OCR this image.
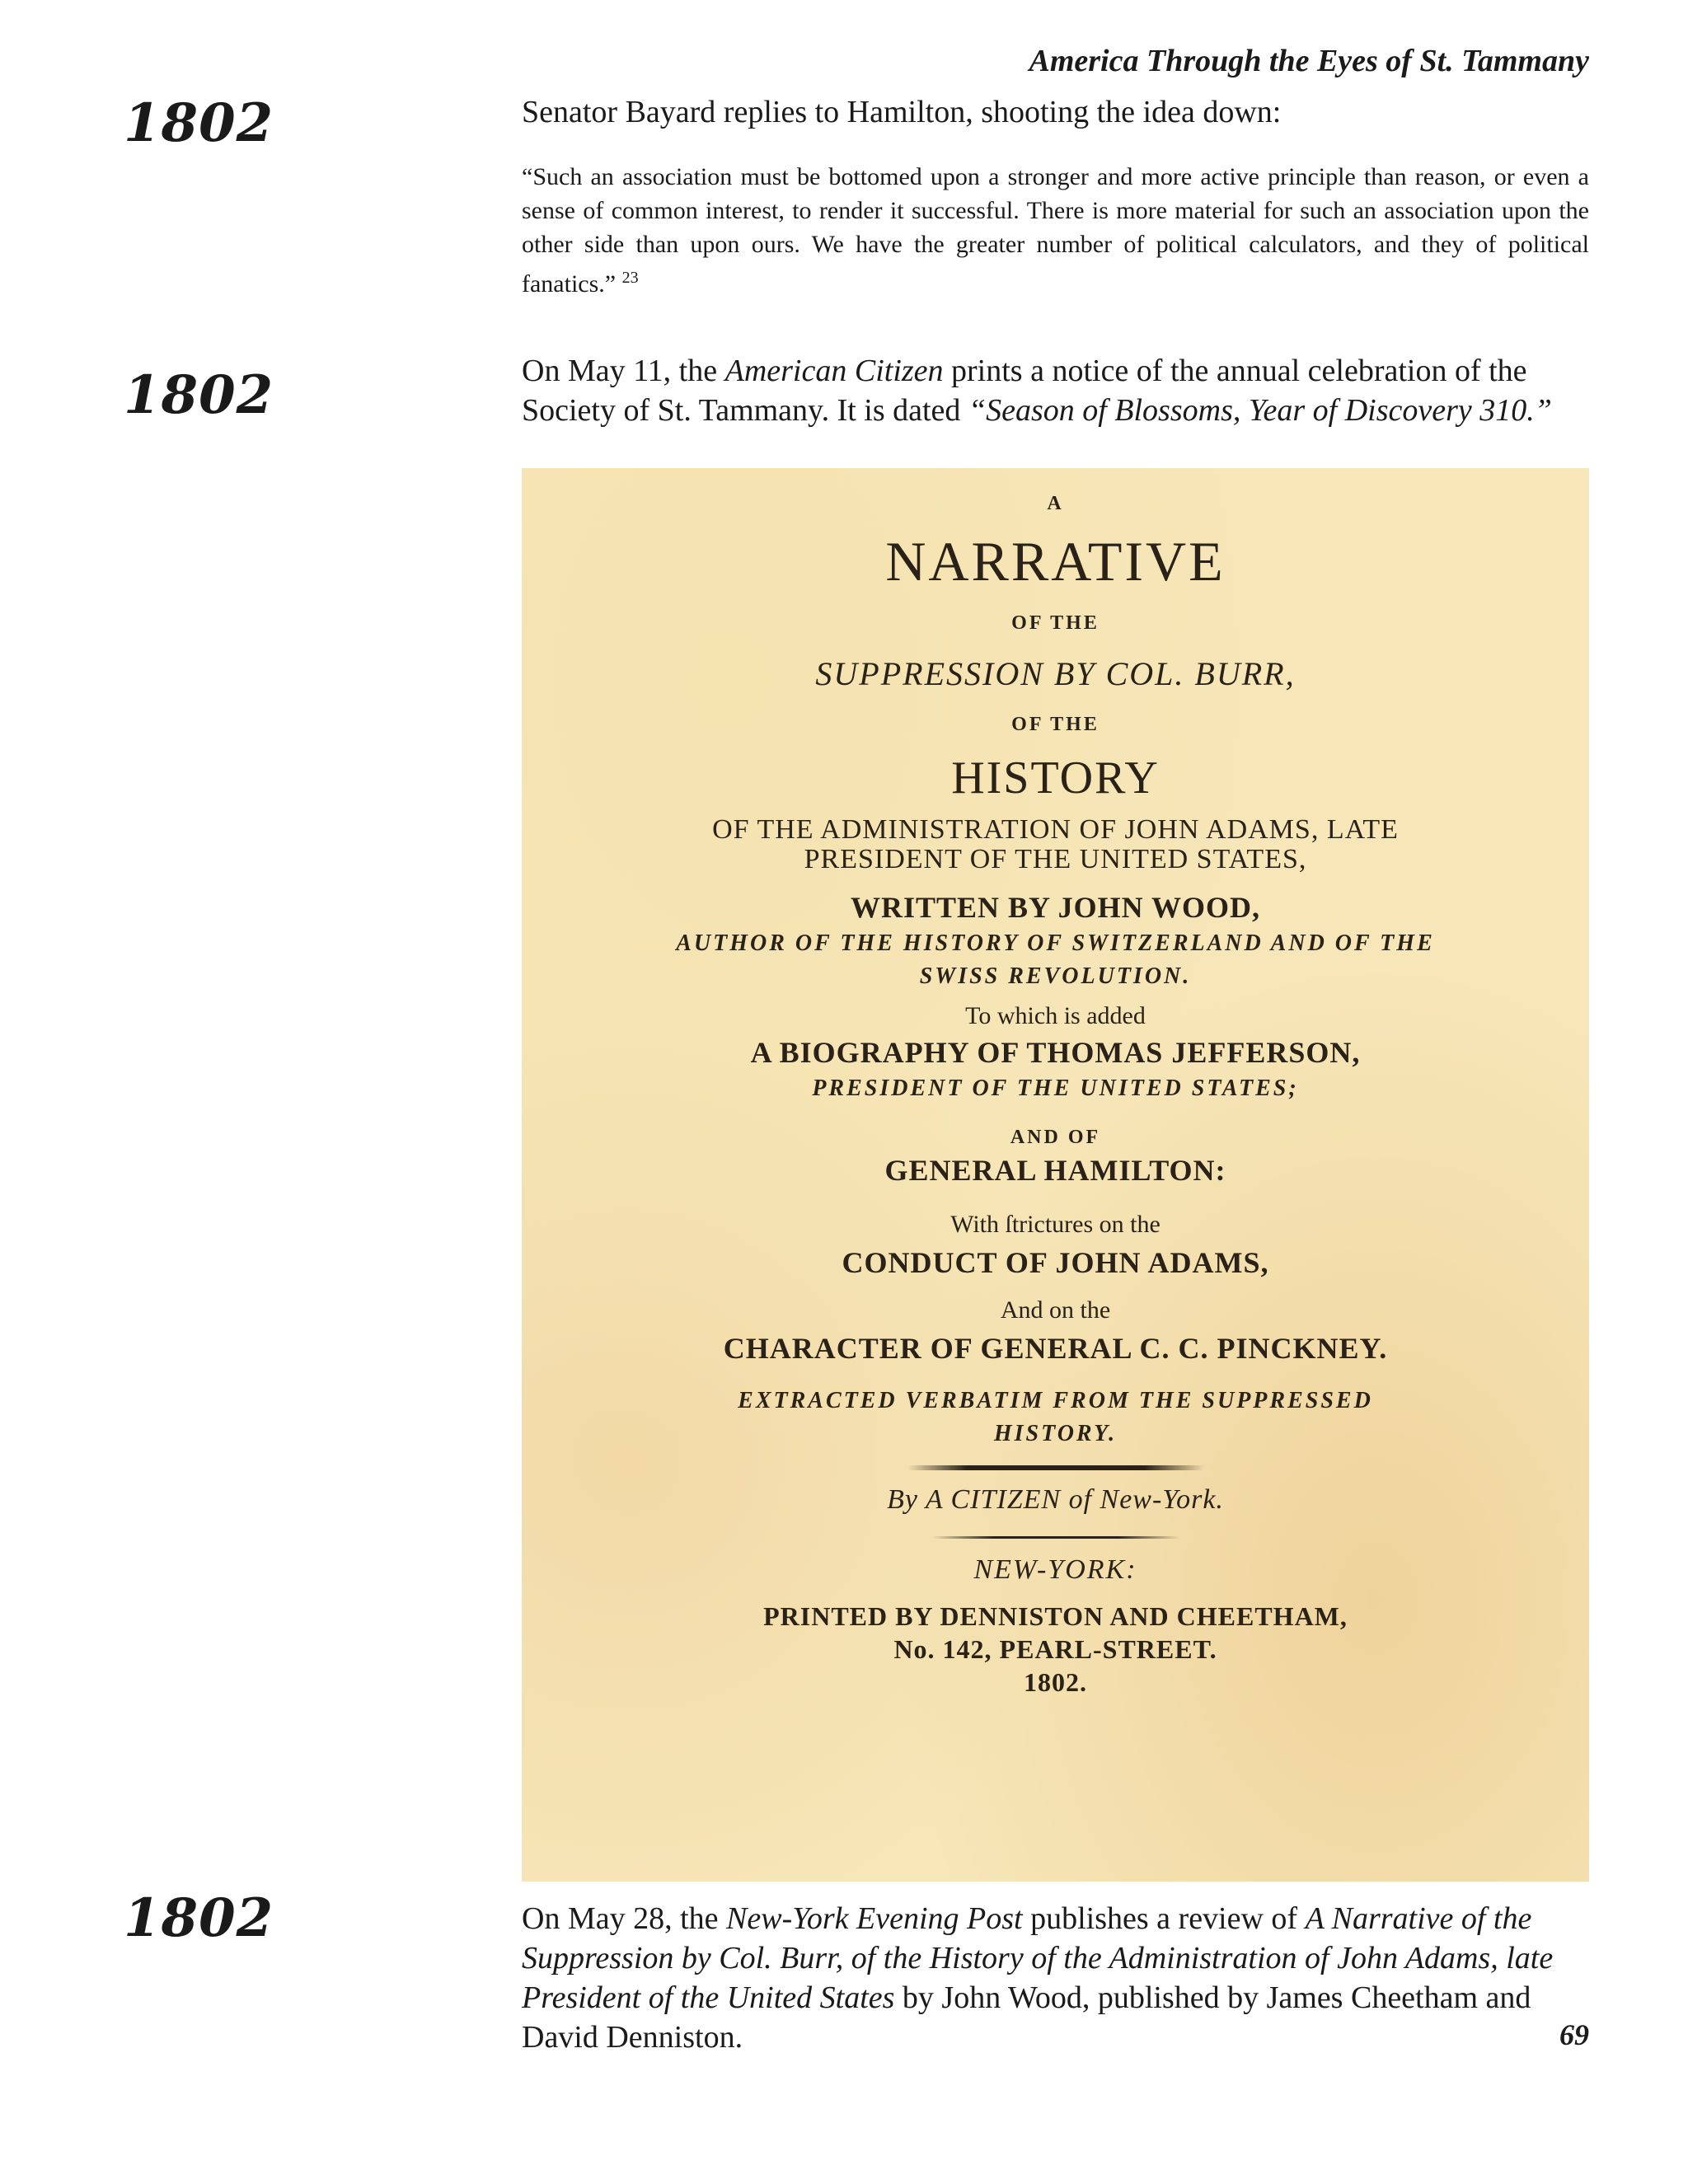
America Through the Eyes of St. Tammany
1802	Senator Bayard replies to Hamilton, shooting the idea down:

“Such an association must be bottomed upon a stronger and more active principle than reason, or even a sense of common interest, to render it successful. There is more material for such an association upon the other side than upon ours. We have the greater number of political calculators, and they of political fanatics.” $^{23}$

1802	On May 11, the American Citizen prints a notice of the annual celebration of the Society of St. Tammany. It is dated “Season of Blossoms, Year of Discovery 310.”

A
NARRATIVE
OF THE
SUPPRESSION BY COL. BURR,
OF THE
HISTORY
OF THE ADMINISTRATION OF JOHN ADAMS, LATE
PRESIDENT OF THE UNITED STATES,
WRITTEN BY JOHN WOOD,
AUTHOR OF THE HISTORY OF SWITZERLAND AND OF THE
SWISS REVOLUTION.
To which is added
A BIOGRAPHY OF THOMAS JEFFERSON,
PRESIDENT OF THE UNITED STATES;
AND OF
GENERAL HAMILTON:
With ſtrictures on the
CONDUCT OF JOHN ADAMS,
And on the
CHARACTER OF GENERAL C. C. PINCKNEY.
EXTRACTED VERBATIM FROM THE SUPPRESSED
HISTORY.
By A CITIZEN of New-York.
NEW-YORK:
PRINTED BY DENNISTON AND CHEETHAM,
No. 142, PEARL-STREET.
1802.
1802	On May 28, the New-York Evening Post publishes a review of A Narrative of the Suppression by Col. Burr, of the History of the Administration of John Adams, late President of the United States by John Wood, published by James Cheetham and David Denniston.	69
